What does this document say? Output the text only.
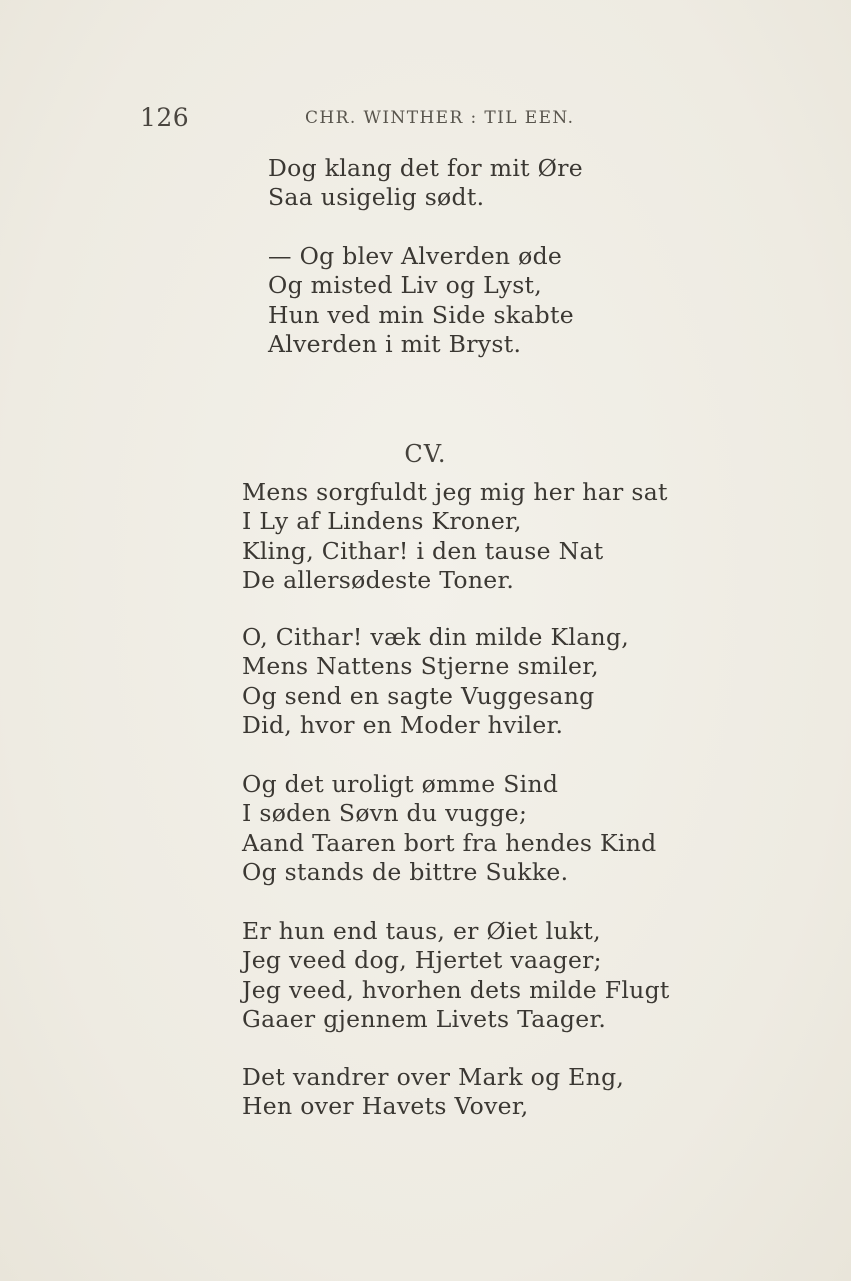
126	CHR. WINTHER : TIL EEN.
Dog klang det for mit Øre
Saa usigelig sødt.
— Og blev Alverden øde
Og misted Liv og Lyst,
Hun ved min Side skabte
Alverden i mit Bryst.
CV.
Mens sorgfuldt jeg mig her har sat
I Ly af Lindens Kroner,
Kling, Cithar! i den tause Nat
De allersødeste Toner.
O, Cithar! væk din milde Klang,
Mens Nattens Stjerne smiler,
Og send en sagte Vuggesang
Did, hvor en Moder hviler.
Og det uroligt ømme Sind
I søden Søvn du vugge;
Aand Taaren bort fra hendes Kind
Og stands de bittre Sukke.
Er hun end taus, er Øiet lukt,
Jeg veed dog, Hjertet vaager;
Jeg veed, hvorhen dets milde Flugt
Gaaer gjennem Livets Taager.
Det vandrer over Mark og Eng,
Hen over Havets Vover,
